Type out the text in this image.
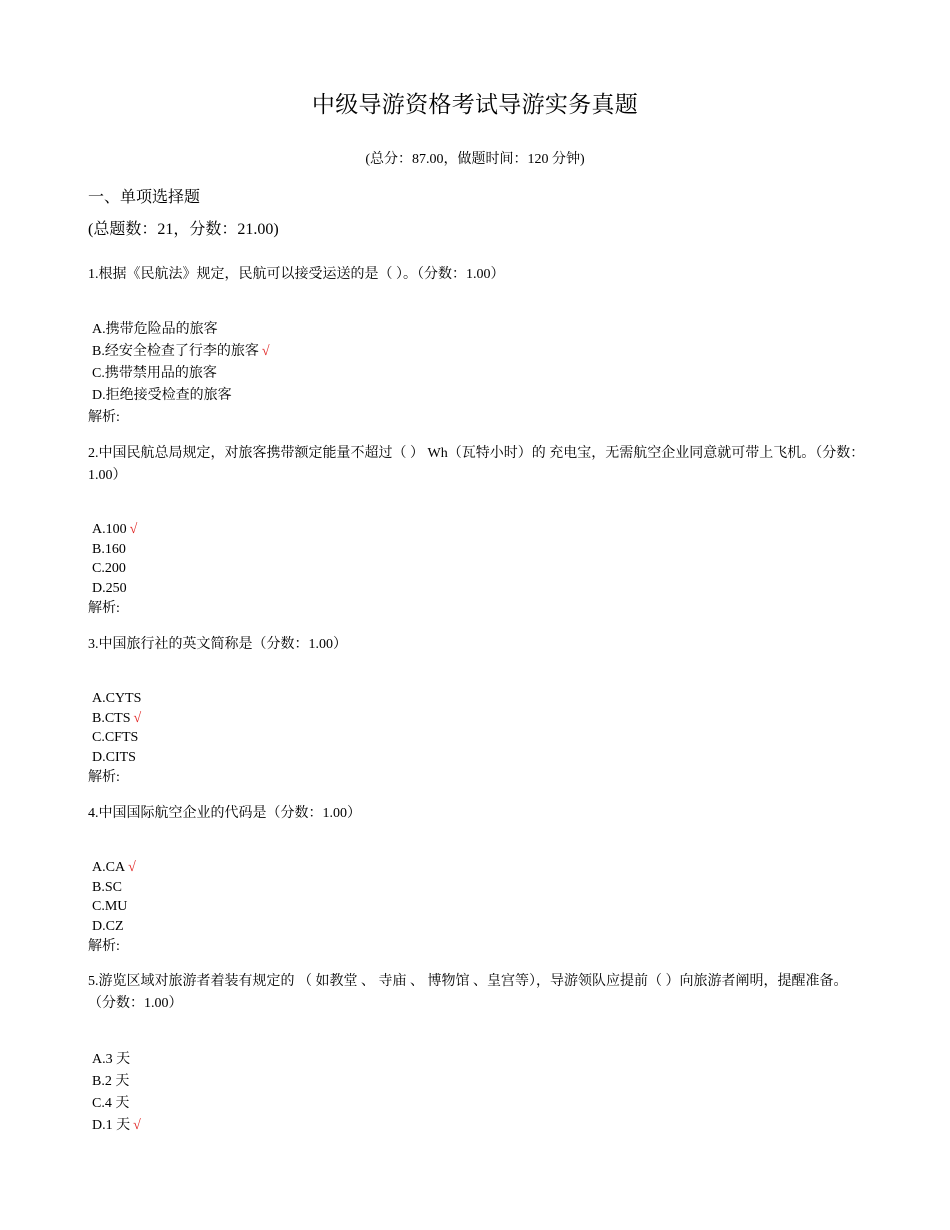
中级导游资格考试导游实务真题
(总分：87.00，做题时间：120 分钟)
一、单项选择题
(总题数：21，分数：21.00)

1.根据《民航法》规定，民航可以接受运送的是（ ）。（分数：1.00）

A.携带危险品的旅客
B.经安全检查了行李的旅客 √
C.携带禁用品的旅客
D.拒绝接受检查的旅客
解析:

2.中国民航总局规定，对旅客携带额定能量不超过（ ） Wh（瓦特小时）的 充电宝，无需航空企业同意就可带上飞机。（分数：1.00）

A.100 √
B.160
C.200
D.250
解析:

3.中国旅行社的英文简称是（分数：1.00）

A.CYTS
B.CTS √
C.CFTS
D.CITS
解析:

4.中国国际航空企业的代码是（分数：1.00）

A.CA √
B.SC
C.MU
D.CZ
解析:

5.游览区域对旅游者着装有规定的 （ 如教堂 、 寺庙 、 博物馆 、皇宫等），导游领队应提前（ ）向旅游者阐明，提醒准备。（分数：1.00）

A.3 天
B.2 天
C.4 天
D.1 天 √
